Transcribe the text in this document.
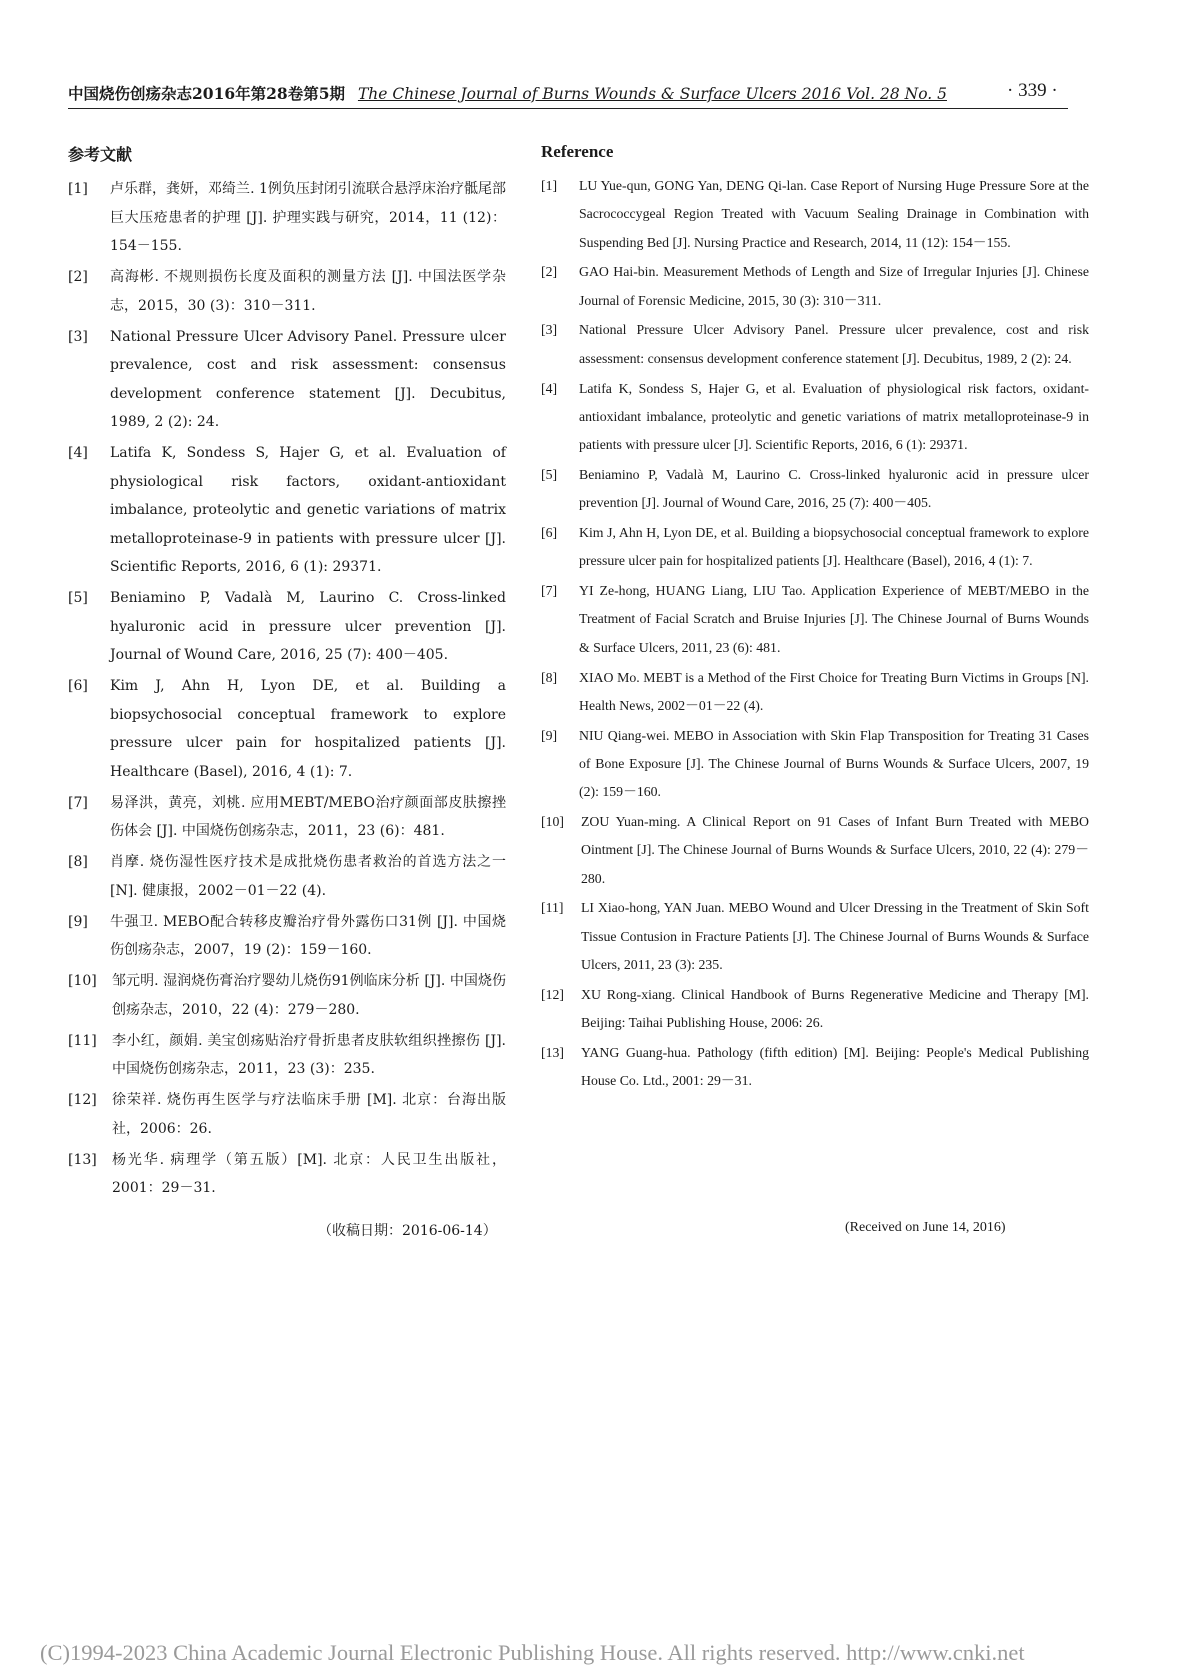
中国烧伤创疡杂志2016年第28卷第5期 The Chinese Journal of Burns Wounds & Surface Ulcers 2016 Vol. 28 No. 5	· 339 ·
参考文献
[1] 卢乐群，龚妍，邓绮兰. 1例负压封闭引流联合悬浮床治疗骶尾部巨大压疮患者的护理 [J]. 护理实践与研究，2014，11 (12)：154－155.
[2] 高海彬. 不规则损伤长度及面积的测量方法 [J]. 中国法医学杂志，2015，30 (3)：310－311.
[3] National Pressure Ulcer Advisory Panel. Pressure ulcer prevalence, cost and risk assessment: consensus development conference statement [J]. Decubitus, 1989, 2 (2): 24.
[4] Latifa K, Sondess S, Hajer G, et al. Evaluation of physiological risk factors, oxidant-antioxidant imbalance, proteolytic and genetic variations of matrix metalloproteinase-9 in patients with pressure ulcer [J]. Scientific Reports, 2016, 6 (1): 29371.
[5] Beniamino P, Vadalà M, Laurino C. Cross-linked hyaluronic acid in pressure ulcer prevention [J]. Journal of Wound Care, 2016, 25 (7): 400－405.
[6] Kim J, Ahn H, Lyon DE, et al. Building a biopsychosocial conceptual framework to explore pressure ulcer pain for hospitalized patients [J]. Healthcare (Basel), 2016, 4 (1): 7.
[7] 易泽洪，黄亮，刘桃. 应用MEBT/MEBO治疗颜面部皮肤擦挫伤体会 [J]. 中国烧伤创疡杂志，2011，23 (6)：481.
[8] 肖摩. 烧伤湿性医疗技术是成批烧伤患者救治的首选方法之一 [N]. 健康报，2002－01－22 (4).
[9] 牛强卫. MEBO配合转移皮瓣治疗骨外露伤口31例 [J]. 中国烧伤创疡杂志，2007，19 (2)：159－160.
[10] 邹元明. 湿润烧伤膏治疗婴幼儿烧伤91例临床分析 [J]. 中国烧伤创疡杂志，2010，22 (4)：279－280.
[11] 李小红，颜娟. 美宝创疡贴治疗骨折患者皮肤软组织挫擦伤 [J]. 中国烧伤创疡杂志，2011，23 (3)：235.
[12] 徐荣祥. 烧伤再生医学与疗法临床手册 [M]. 北京：台海出版社，2006：26.
[13] 杨光华. 病理学（第五版）[M]. 北京：人民卫生出版社，2001：29－31.
Reference
[1] LU Yue-qun, GONG Yan, DENG Qi-lan. Case Report of Nursing Huge Pressure Sore at the Sacrococcygeal Region Treated with Vacuum Sealing Drainage in Combination with Suspending Bed [J]. Nursing Practice and Research, 2014, 11 (12): 154－155.
[2] GAO Hai-bin. Measurement Methods of Length and Size of Irregular Injuries [J]. Chinese Journal of Forensic Medicine, 2015, 30 (3): 310－311.
[3] National Pressure Ulcer Advisory Panel. Pressure ulcer prevalence, cost and risk assessment: consensus development conference statement [J]. Decubitus, 1989, 2 (2): 24.
[4] Latifa K, Sondess S, Hajer G, et al. Evaluation of physiological risk factors, oxidant-antioxidant imbalance, proteolytic and genetic variations of matrix metalloproteinase-9 in patients with pressure ulcer [J]. Scientific Reports, 2016, 6 (1): 29371.
[5] Beniamino P, Vadalà M, Laurino C. Cross-linked hyaluronic acid in pressure ulcer prevention [J]. Journal of Wound Care, 2016, 25 (7): 400－405.
[6] Kim J, Ahn H, Lyon DE, et al. Building a biopsychosocial conceptual framework to explore pressure ulcer pain for hospitalized patients [J]. Healthcare (Basel), 2016, 4 (1): 7.
[7] YI Ze-hong, HUANG Liang, LIU Tao. Application Experience of MEBT/MEBO in the Treatment of Facial Scratch and Bruise Injuries [J]. The Chinese Journal of Burns Wounds & Surface Ulcers, 2011, 23 (6): 481.
[8] XIAO Mo. MEBT is a Method of the First Choice for Treating Burn Victims in Groups [N]. Health News, 2002－01－22 (4).
[9] NIU Qiang-wei. MEBO in Association with Skin Flap Transposition for Treating 31 Cases of Bone Exposure [J]. The Chinese Journal of Burns Wounds & Surface Ulcers, 2007, 19 (2): 159－160.
[10] ZOU Yuan-ming. A Clinical Report on 91 Cases of Infant Burn Treated with MEBO Ointment [J]. The Chinese Journal of Burns Wounds & Surface Ulcers, 2010, 22 (4): 279－280.
[11] LI Xiao-hong, YAN Juan. MEBO Wound and Ulcer Dressing in the Treatment of Skin Soft Tissue Contusion in Fracture Patients [J]. The Chinese Journal of Burns Wounds & Surface Ulcers, 2011, 23 (3): 235.
[12] XU Rong-xiang. Clinical Handbook of Burns Regenerative Medicine and Therapy [M]. Beijing: Taihai Publishing House, 2006: 26.
[13] YANG Guang-hua. Pathology (fifth edition) [M]. Beijing: People's Medical Publishing House Co. Ltd., 2001: 29－31.
（收稿日期：2016-06-14）	(Received on June 14, 2016)
(C)1994-2023 China Academic Journal Electronic Publishing House. All rights reserved. http://www.cnki.net
